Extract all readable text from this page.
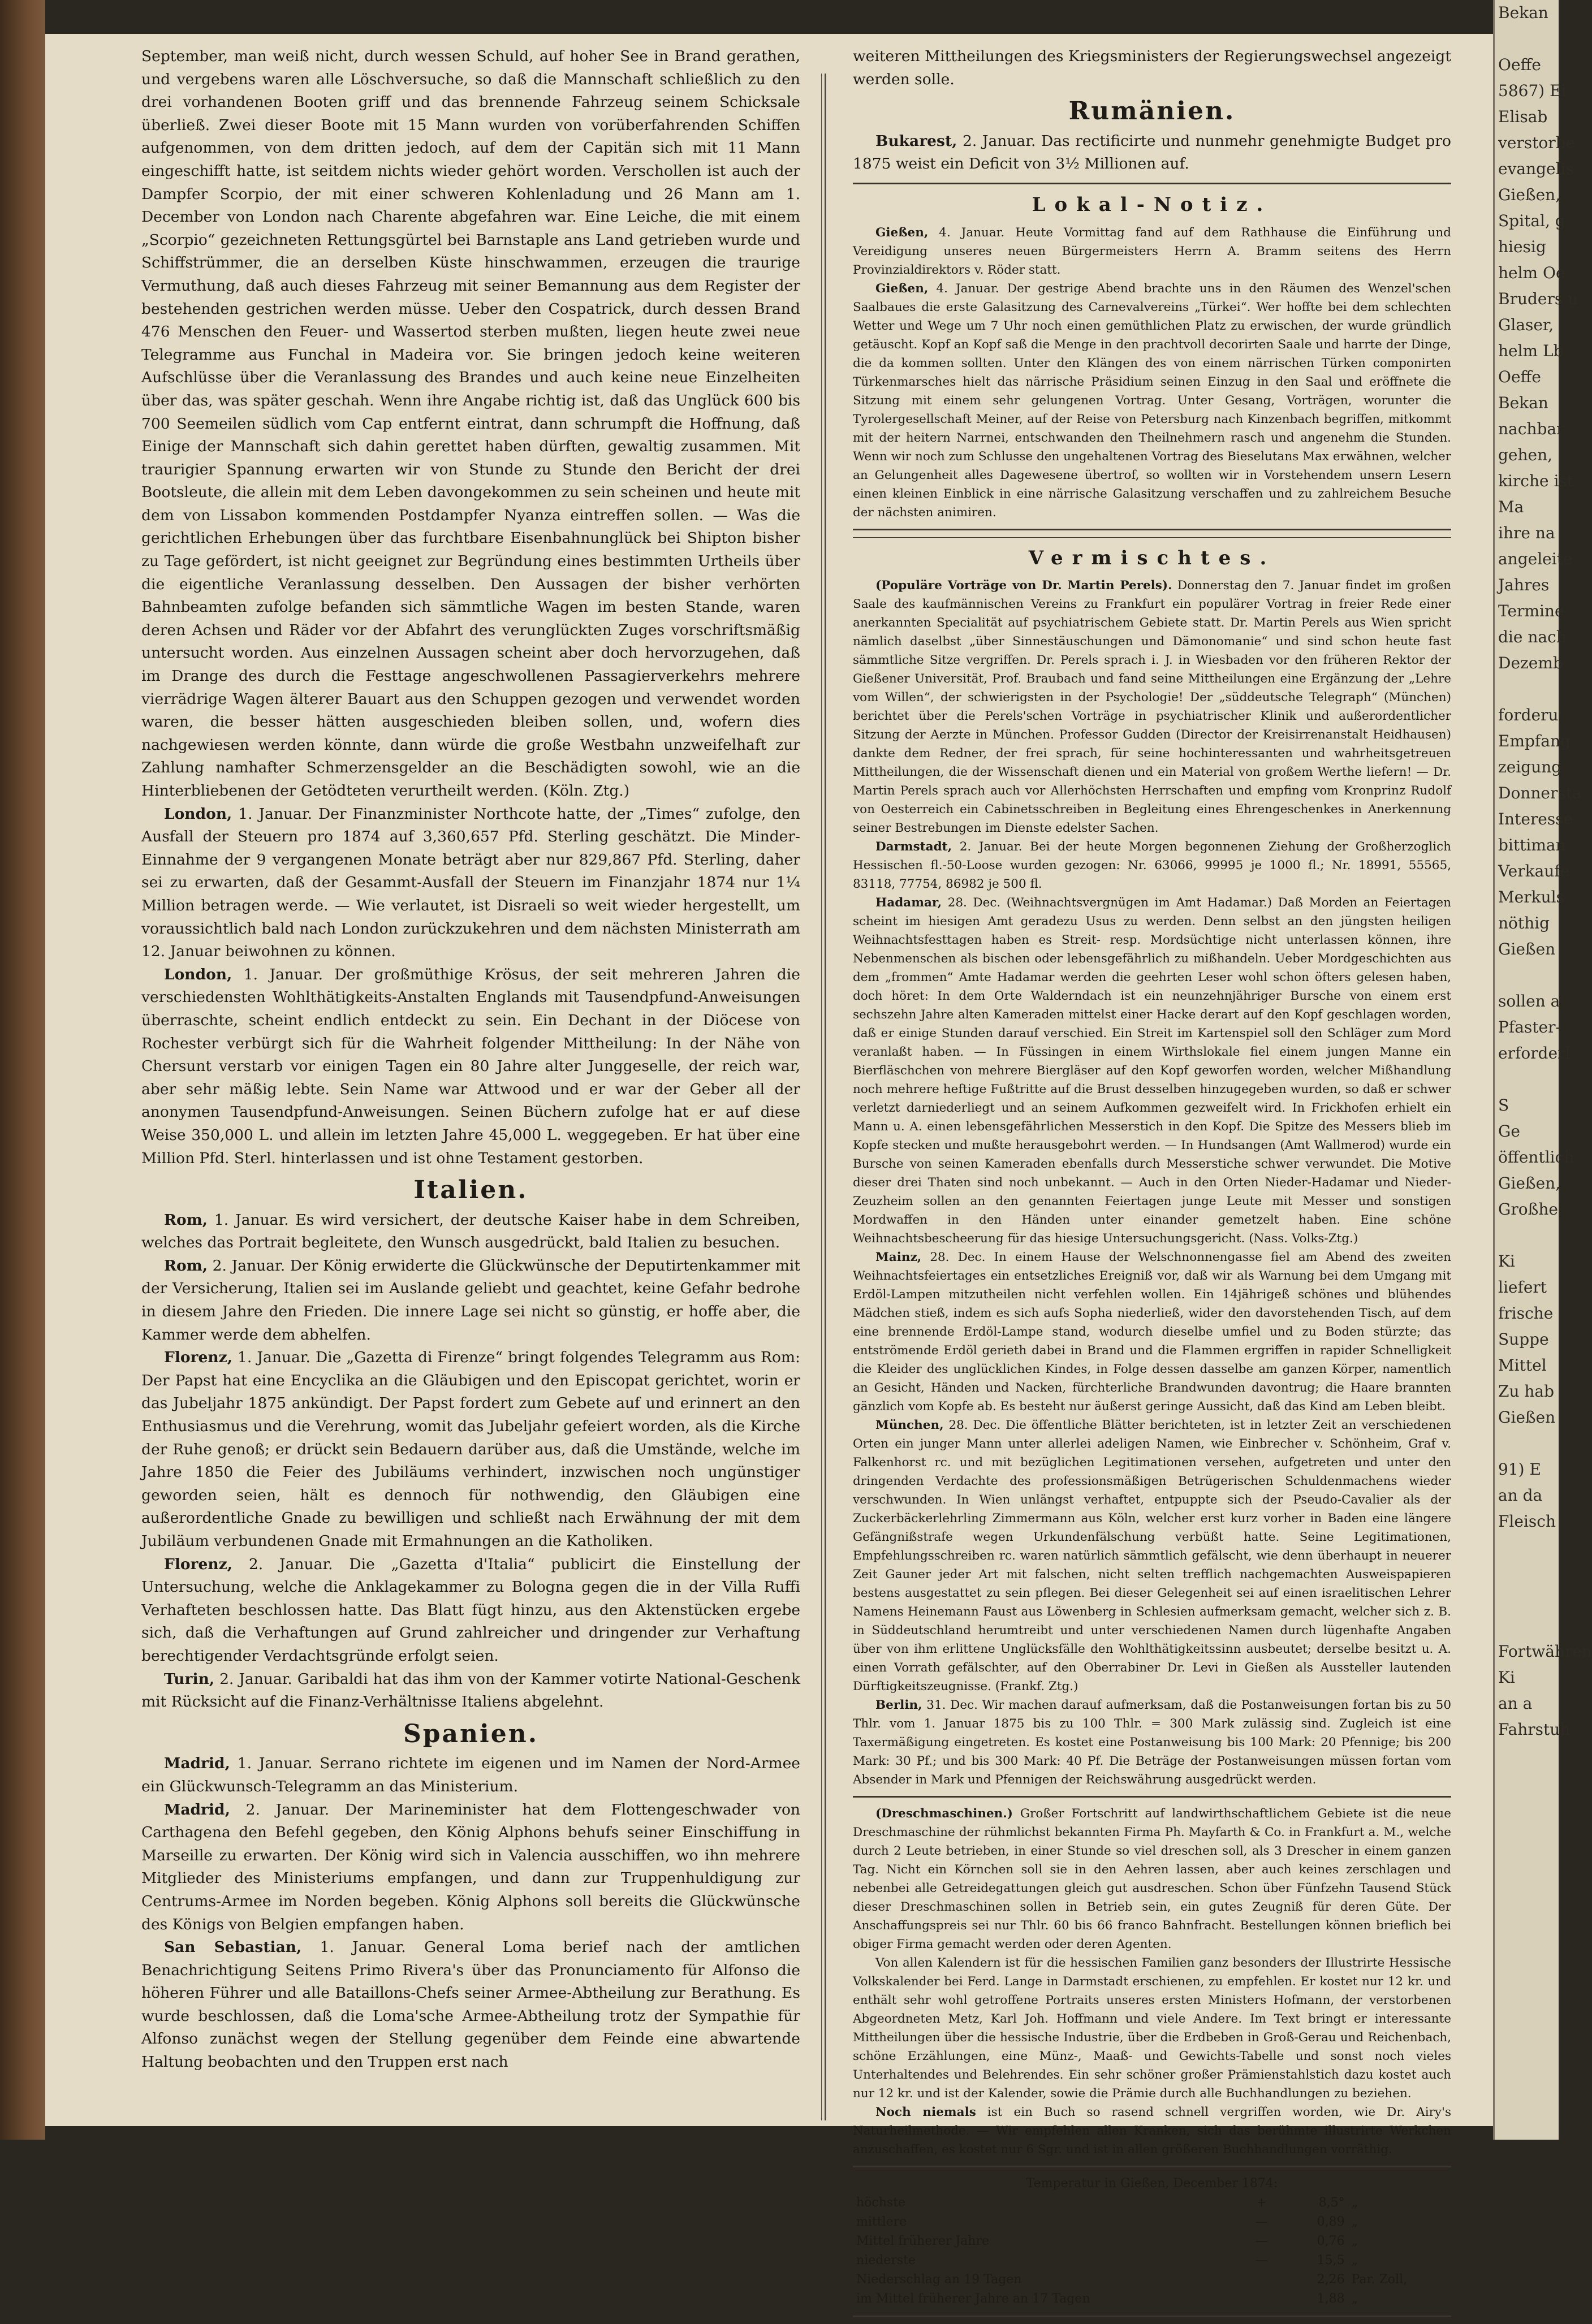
September, man weiß nicht, durch wessen Schuld, auf hoher See in Brand gerathen, und vergebens waren alle Löschversuche, so daß die Mannschaft schließlich zu den drei vorhandenen Booten griff und das brennende Fahrzeug seinem Schicksale überließ. Zwei dieser Boote mit 15 Mann wurden von vorüberfahrenden Schiffen aufgenommen, von dem dritten jedoch, auf dem der Capitän sich mit 11 Mann eingeschifft hatte, ist seitdem nichts wieder gehört worden. Verschollen ist auch der Dampfer Scorpio, der mit einer schweren Kohlenladung und 26 Mann am 1. December von London nach Charente abgefahren war. Eine Leiche, die mit einem „Scorpio“ gezeichneten Rettungsgürtel bei Barnstaple ans Land getrieben wurde und Schiffstrümmer, die an derselben Küste hinschwammen, erzeugen die traurige Vermuthung, daß auch dieses Fahrzeug mit seiner Bemannung aus dem Register der bestehenden gestrichen werden müsse. Ueber den Cospatrick, durch dessen Brand 476 Menschen den Feuer- und Wassertod sterben mußten, liegen heute zwei neue Telegramme aus Funchal in Madeira vor. Sie bringen jedoch keine weiteren Aufschlüsse über die Veranlassung des Brandes und auch keine neue Einzelheiten über das, was später geschah. Wenn ihre Angabe richtig ist, daß das Unglück 600 bis 700 Seemeilen südlich vom Cap entfernt eintrat, dann schrumpft die Hoffnung, daß Einige der Mannschaft sich dahin gerettet haben dürften, gewaltig zusammen. Mit traurigier Spannung erwarten wir von Stunde zu Stunde den Bericht der drei Bootsleute, die allein mit dem Leben davongekommen zu sein scheinen und heute mit dem von Lissabon kommenden Postdampfer Nyanza eintreffen sollen. — Was die gerichtlichen Erhebungen über das furchtbare Eisenbahnunglück bei Shipton bisher zu Tage gefördert, ist nicht geeignet zur Begründung eines bestimmten Urtheils über die eigentliche Veranlassung desselben. Den Aussagen der bisher verhörten Bahnbeamten zufolge befanden sich sämmtliche Wagen im besten Stande, waren deren Achsen und Räder vor der Abfahrt des verunglückten Zuges vorschriftsmäßig untersucht worden. Aus einzelnen Aussagen scheint aber doch hervorzugehen, daß im Drange des durch die Festtage angeschwollenen Passagierverkehrs mehrere vierrädrige Wagen älterer Bauart aus den Schuppen gezogen und verwendet worden waren, die besser hätten ausgeschieden bleiben sollen, und, wofern dies nachgewiesen werden könnte, dann würde die große Westbahn unzweifelhaft zur Zahlung namhafter Schmerzensgelder an die Beschädigten sowohl, wie an die Hinterbliebenen der Getödteten verurtheilt werden. (Köln. Ztg.)

London, 1. Januar. Der Finanzminister Northcote hatte, der „Times“ zufolge, den Ausfall der Steuern pro 1874 auf 3,360,657 Pfd. Sterling geschätzt. Die Minder-Einnahme der 9 vergangenen Monate beträgt aber nur 829,867 Pfd. Sterling, daher sei zu erwarten, daß der Gesammt-Ausfall der Steuern im Finanzjahr 1874 nur 1¼ Million betragen werde. — Wie verlautet, ist Disraeli so weit wieder hergestellt, um voraussichtlich bald nach London zurückzukehren und dem nächsten Ministerrath am 12. Januar beiwohnen zu können.

London, 1. Januar. Der großmüthige Krösus, der seit mehreren Jahren die verschiedensten Wohlthätigkeits-Anstalten Englands mit Tausendpfund-Anweisungen überraschte, scheint endlich entdeckt zu sein. Ein Dechant in der Diöcese von Rochester verbürgt sich für die Wahrheit folgender Mittheilung: In der Nähe von Chersunt verstarb vor einigen Tagen ein 80 Jahre alter Junggeselle, der reich war, aber sehr mäßig lebte. Sein Name war Attwood und er war der Geber all der anonymen Tausendpfund-Anweisungen. Seinen Büchern zufolge hat er auf diese Weise 350,000 L. und allein im letzten Jahre 45,000 L. weggegeben. Er hat über eine Million Pfd. Sterl. hinterlassen und ist ohne Testament gestorben.

Italien.

Rom, 1. Januar. Es wird versichert, der deutsche Kaiser habe in dem Schreiben, welches das Portrait begleitete, den Wunsch ausgedrückt, bald Italien zu besuchen.

Rom, 2. Januar. Der König erwiderte die Glückwünsche der Deputirtenkammer mit der Versicherung, Italien sei im Auslande geliebt und geachtet, keine Gefahr bedrohe in diesem Jahre den Frieden. Die innere Lage sei nicht so günstig, er hoffe aber, die Kammer werde dem abhelfen.

Florenz, 1. Januar. Die „Gazetta di Firenze“ bringt folgendes Telegramm aus Rom: Der Papst hat eine Encyclika an die Gläubigen und den Episcopat gerichtet, worin er das Jubeljahr 1875 ankündigt. Der Papst fordert zum Gebete auf und erinnert an den Enthusiasmus und die Verehrung, womit das Jubeljahr gefeiert worden, als die Kirche der Ruhe genoß; er drückt sein Bedauern darüber aus, daß die Umstände, welche im Jahre 1850 die Feier des Jubiläums verhindert, inzwischen noch ungünstiger geworden seien, hält es dennoch für nothwendig, den Gläubigen eine außerordentliche Gnade zu bewilligen und schließt nach Erwähnung der mit dem Jubiläum verbundenen Gnade mit Ermahnungen an die Katholiken.

Florenz, 2. Januar. Die „Gazetta d'Italia“ publicirt die Einstellung der Untersuchung, welche die Anklagekammer zu Bologna gegen die in der Villa Ruffi Verhafteten beschlossen hatte. Das Blatt fügt hinzu, aus den Aktenstücken ergebe sich, daß die Verhaftungen auf Grund zahlreicher und dringender zur Verhaftung berechtigender Verdachtsgründe erfolgt seien.

Turin, 2. Januar. Garibaldi hat das ihm von der Kammer votirte National-Geschenk mit Rücksicht auf die Finanz-Verhältnisse Italiens abgelehnt.

Spanien.

Madrid, 1. Januar. Serrano richtete im eigenen und im Namen der Nord-Armee ein Glückwunsch-Telegramm an das Ministerium.

Madrid, 2. Januar. Der Marineminister hat dem Flottengeschwader von Carthagena den Befehl gegeben, den König Alphons behufs seiner Einschiffung in Marseille zu erwarten. Der König wird sich in Valencia ausschiffen, wo ihn mehrere Mitglieder des Ministeriums empfangen, und dann zur Truppenhuldigung zur Centrums-Armee im Norden begeben. König Alphons soll bereits die Glückwünsche des Königs von Belgien empfangen haben.

San Sebastian, 1. Januar. General Loma berief nach der amtlichen Benachrichtigung Seitens Primo Rivera's über das Pronunciamento für Alfonso die höheren Führer und alle Bataillons-Chefs seiner Armee-Abtheilung zur Berathung. Es wurde beschlossen, daß die Loma'sche Armee-Abtheilung trotz der Sympathie für Alfonso zunächst wegen der Stellung gegenüber dem Feinde eine abwartende Haltung beobachten und den Truppen erst nach

weiteren Mittheilungen des Kriegsministers der Regierungswechsel angezeigt werden solle.

Rumänien.

Bukarest, 2. Januar. Das rectificirte und nunmehr genehmigte Budget pro 1875 weist ein Deficit von 3½ Millionen auf.

Lokal-Notiz.

Gießen, 4. Januar. Heute Vormittag fand auf dem Rathhause die Einführung und Vereidigung unseres neuen Bürgermeisters Herrn A. Bramm seitens des Herrn Provinzialdirektors v. Röder statt.

Gießen, 4. Januar. Der gestrige Abend brachte uns in den Räumen des Wenzel'schen Saalbaues die erste Galasitzung des Carnevalvereins „Türkei“. Wer hoffte bei dem schlechten Wetter und Wege um 7 Uhr noch einen gemüthlichen Platz zu erwischen, der wurde gründlich getäuscht. Kopf an Kopf saß die Menge in den prachtvoll decorirten Saale und harrte der Dinge, die da kommen sollten. Unter den Klängen des von einem närrischen Türken componirten Türkenmarsches hielt das närrische Präsidium seinen Einzug in den Saal und eröffnete die Sitzung mit einem sehr gelungenen Vortrag. Unter Gesang, Vorträgen, worunter die Tyrolergesellschaft Meiner, auf der Reise von Petersburg nach Kinzenbach begriffen, mitkommt mit der heitern Narrnei, entschwanden den Theilnehmern rasch und angenehm die Stunden. Wenn wir noch zum Schlusse den ungehaltenen Vortrag des Bieselutans Max erwähnen, welcher an Gelungenheit alles Dagewesene übertrof, so wollten wir in Vorstehendem unsern Lesern einen kleinen Einblick in eine närrische Galasitzung verschaffen und zu zahlreichem Besuche der nächsten animiren.

Vermischtes.

(Populäre Vorträge von Dr. Martin Perels). Donnerstag den 7. Januar findet im großen Saale des kaufmännischen Vereins zu Frankfurt ein populärer Vortrag in freier Rede einer anerkannten Specialität auf psychiatrischem Gebiete statt. Dr. Martin Perels aus Wien spricht nämlich daselbst „über Sinnestäuschungen und Dämonomanie“ und sind schon heute fast sämmtliche Sitze vergriffen. Dr. Perels sprach i. J. in Wiesbaden vor den früheren Rektor der Gießener Universität, Prof. Braubach und fand seine Mittheilungen eine Ergänzung der „Lehre vom Willen“, der schwierigsten in der Psychologie! Der „süddeutsche Telegraph“ (München) berichtet über die Perels'schen Vorträge in psychiatrischer Klinik und außerordentlicher Sitzung der Aerzte in München. Professor Gudden (Director der Kreisirrenanstalt Heidhausen) dankte dem Redner, der frei sprach, für seine hochinteressanten und wahrheitsgetreuen Mittheilungen, die der Wissenschaft dienen und ein Material von großem Werthe liefern! — Dr. Martin Perels sprach auch vor Allerhöchsten Herrschaften und empfing vom Kronprinz Rudolf von Oesterreich ein Cabinetsschreiben in Begleitung eines Ehrengeschenkes in Anerkennung seiner Bestrebungen im Dienste edelster Sachen.

Darmstadt, 2. Januar. Bei der heute Morgen begonnenen Ziehung der Großherzoglich Hessischen fl.-50-Loose wurden gezogen: Nr. 63066, 99995 je 1000 fl.; Nr. 18991, 55565, 83118, 77754, 86982 je 500 fl.

Hadamar, 28. Dec. (Weihnachtsvergnügen im Amt Hadamar.) Daß Morden an Feiertagen scheint im hiesigen Amt geradezu Usus zu werden. Denn selbst an den jüngsten heiligen Weihnachtsfesttagen haben es Streit- resp. Mordsüchtige nicht unterlassen können, ihre Nebenmenschen als bischen oder lebensgefährlich zu mißhandeln. Ueber Mordgeschichten aus dem „frommen“ Amte Hadamar werden die geehrten Leser wohl schon öfters gelesen haben, doch höret: In dem Orte Walderndach ist ein neunzehnjähriger Bursche von einem erst sechszehn Jahre alten Kameraden mittelst einer Hacke derart auf den Kopf geschlagen worden, daß er einige Stunden darauf verschied. Ein Streit im Kartenspiel soll den Schläger zum Mord veranlaßt haben. — In Füssingen in einem Wirthslokale fiel einem jungen Manne ein Bierfläschchen von mehrere Biergläser auf den Kopf geworfen worden, welcher Mißhandlung noch mehrere heftige Fußtritte auf die Brust desselben hinzugegeben wurden, so daß er schwer verletzt darniederliegt und an seinem Aufkommen gezweifelt wird. In Frickhofen erhielt ein Mann u. A. einen lebensgefährlichen Messerstich in den Kopf. Die Spitze des Messers blieb im Kopfe stecken und mußte herausgebohrt werden. — In Hundsangen (Amt Wallmerod) wurde ein Bursche von seinen Kameraden ebenfalls durch Messerstiche schwer verwundet. Die Motive dieser drei Thaten sind noch unbekannt. — Auch in den Orten Nieder-Hadamar und Nieder-Zeuzheim sollen an den genannten Feiertagen junge Leute mit Messer und sonstigen Mordwaffen in den Händen unter einander gemetzelt haben. Eine schöne Weihnachtsbescheerung für das hiesige Untersuchungsgericht. (Nass. Volks-Ztg.)

Mainz, 28. Dec. In einem Hause der Welschnonnengasse fiel am Abend des zweiten Weihnachtsfeiertages ein entsetzliches Ereigniß vor, daß wir als Warnung bei dem Umgang mit Erdöl-Lampen mitzutheilen nicht verfehlen wollen. Ein 14jährigeß schönes und blühendes Mädchen stieß, indem es sich aufs Sopha niederließ, wider den davorstehenden Tisch, auf dem eine brennende Erdöl-Lampe stand, wodurch dieselbe umfiel und zu Boden stürzte; das entströmende Erdöl gerieth dabei in Brand und die Flammen ergriffen in rapider Schnelligkeit die Kleider des unglücklichen Kindes, in Folge dessen dasselbe am ganzen Körper, namentlich an Gesicht, Händen und Nacken, fürchterliche Brandwunden davontrug; die Haare brannten gänzlich vom Kopfe ab. Es besteht nur äußerst geringe Aussicht, daß das Kind am Leben bleibt.

München, 28. Dec. Die öffentliche Blätter berichteten, ist in letzter Zeit an verschiedenen Orten ein junger Mann unter allerlei adeligen Namen, wie Einbrecher v. Schönheim, Graf v. Falkenhorst rc. und mit bezüglichen Legitimationen versehen, aufgetreten und unter den dringenden Verdachte des professionsmäßigen Betrügerischen Schuldenmachens wieder verschwunden. In Wien unlängst verhaftet, entpuppte sich der Pseudo-Cavalier als der Zuckerbäckerlehrling Zimmermann aus Köln, welcher erst kurz vorher in Baden eine längere Gefängnißstrafe wegen Urkundenfälschung verbüßt hatte. Seine Legitimationen, Empfehlungsschreiben rc. waren natürlich sämmtlich gefälscht, wie denn überhaupt in neuerer Zeit Gauner jeder Art mit falschen, nicht selten trefflich nachgemachten Ausweispapieren bestens ausgestattet zu sein pflegen. Bei dieser Gelegenheit sei auf einen israelitischen Lehrer Namens Heinemann Faust aus Löwenberg in Schlesien aufmerksam gemacht, welcher sich z. B. in Süddeutschland herumtreibt und unter verschiedenen Namen durch lügenhafte Angaben über von ihm erlittene Unglücksfälle den Wohlthätigkeitssinn ausbeutet; derselbe besitzt u. A. einen Vorrath gefälschter, auf den Oberrabiner Dr. Levi in Gießen als Aussteller lautenden Dürftigkeitszeugnisse. (Frankf. Ztg.)

Berlin, 31. Dec. Wir machen darauf aufmerksam, daß die Postanweisungen fortan bis zu 50 Thlr. vom 1. Januar 1875 bis zu 100 Thlr. = 300 Mark zulässig sind. Zugleich ist eine Taxermäßigung eingetreten. Es kostet eine Postanweisung bis 100 Mark: 20 Pfennige; bis 200 Mark: 30 Pf.; und bis 300 Mark: 40 Pf. Die Beträge der Postanweisungen müssen fortan vom Absender in Mark und Pfennigen der Reichswährung ausgedrückt werden.

(Dreschmaschinen.) Großer Fortschritt auf landwirthschaftlichem Gebiete ist die neue Dreschmaschine der rühmlichst bekannten Firma Ph. Mayfarth & Co. in Frankfurt a. M., welche durch 2 Leute betrieben, in einer Stunde so viel dreschen soll, als 3 Drescher in einem ganzen Tag. Nicht ein Körnchen soll sie in den Aehren lassen, aber auch keines zerschlagen und nebenbei alle Getreidegattungen gleich gut ausdreschen. Schon über Fünfzehn Tausend Stück dieser Dreschmaschinen sollen in Betrieb sein, ein gutes Zeugniß für deren Güte. Der Anschaffungspreis sei nur Thlr. 60 bis 66 franco Bahnfracht. Bestellungen können brieflich bei obiger Firma gemacht werden oder deren Agenten.

Von allen Kalendern ist für die hessischen Familien ganz besonders der Illustrirte Hessische Volkskalender bei Ferd. Lange in Darmstadt erschienen, zu empfehlen. Er kostet nur 12 kr. und enthält sehr wohl getroffene Portraits unseres ersten Ministers Hofmann, der verstorbenen Abgeordneten Metz, Karl Joh. Hoffmann und viele Andere. Im Text bringt er interessante Mittheilungen über die hessische Industrie, über die Erdbeben in Groß-Gerau und Reichenbach, schöne Erzählungen, eine Münz-, Maaß- und Gewichts-Tabelle und sonst noch vieles Unterhaltendes und Belehrendes. Ein sehr schöner großer Prämienstahlstich dazu kostet auch nur 12 kr. und ist der Kalender, sowie die Prämie durch alle Buchhandlungen zu beziehen.

Noch niemals ist ein Buch so rasend schnell vergriffen worden, wie Dr. Airy's Naturheilmethode. — Wir empfehlen allen Kranken, sich das berühmte illustrirte Werkchen anzuschaffen, es kostet nur 6 Sgr. und ist in allen größeren Buchhandlungen vorräthig.

Temperatur in Gießen, December 1874:
höchste	+	8,5°	„
mittlere	—	0,89	„
Mittel früherer Jahre	—	0,76	„
niederste	—	15,5	„
Niederschlag an 19 Tagen		2,26	Par. Zoll,
im Mittel früherer Jahre an 17 Tagen		1,88	„
Bekan

Oeffe
5867) Ei
Elisab
verstorbe
evangelis
Gießen,
Spital, g
hiesig
helm Oe
Bruders u
Glaser,
helm Lb
Oeffe
Bekan
nachbar
gehen,
kirche ist
Ma
ihre na
angeleite
Jahres
Termine
die nach
Dezemb

forderu
Empfang
zeigung
Donnersta
Interesse
bittiman
Verkaufe
Merkuls
nöthig
Gießen

sollen a
Pfaster-
erforderl

S
Ge
öffentlich
Gießen,
Großhe

Ki
liefert
frische
Suppe
Mittel
Zu hab
Gießen

91) E
an da
Fleisch

Fortwähren
Ki
an a
Fahrstuh
